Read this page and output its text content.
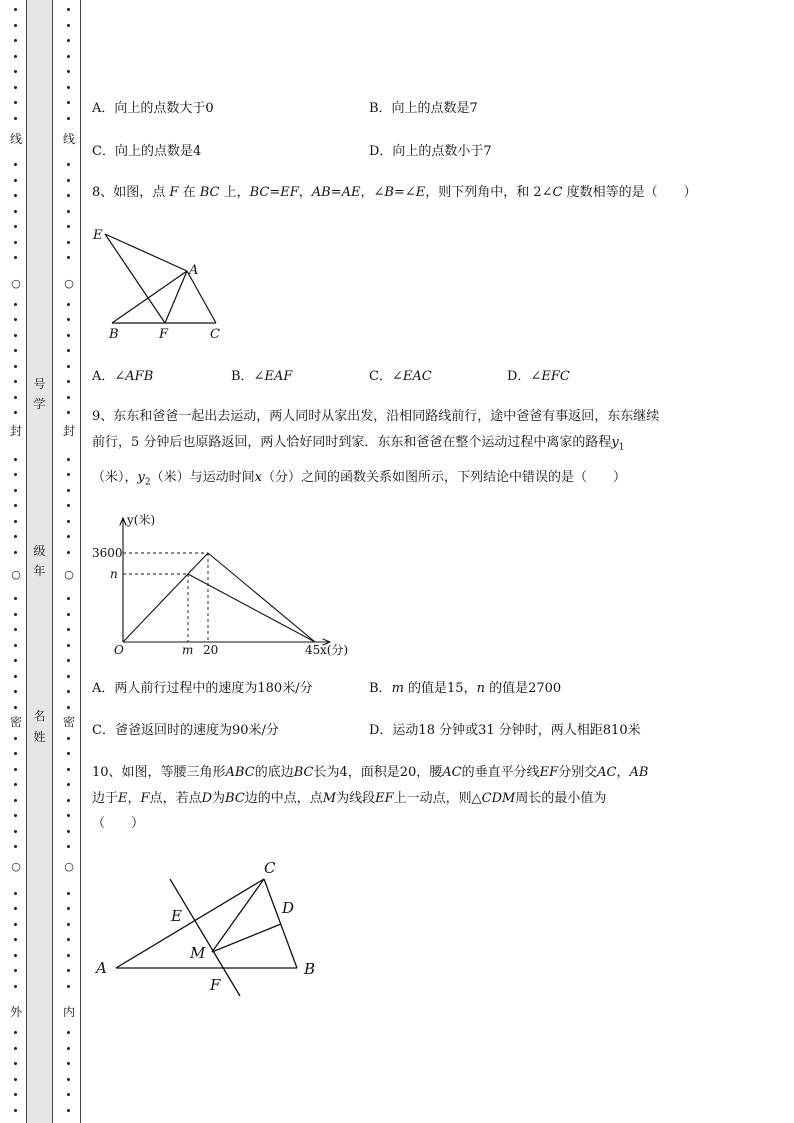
线
○
封
○
密
○
外
线
○
封
○
密
○
内
号
学
级
年
名
姓
A．向上的点数大于0	B．向上的点数是7
C．向上的点数是4	D．向上的点数小于7
8、如图，点 F 在 BC 上，BC=EF，AB=AE，∠B=∠E，则下列角中，和 2∠C 度数相等的是（　　）
E
A
B	F	C
A．∠AFB	B．∠EAF	C．∠EAC	D．∠EFC
9、东东和爸爸一起出去运动，两人同时从家出发，沿相同路线前行，途中爸爸有事返回，东东继续
前行，5 分钟后也原路返回，两人恰好同时到家．东东和爸爸在整个运动过程中离家的路程$y_1$
（米），$y_2$（米）与运动时间x（分）之间的函数关系如图所示，下列结论中错误的是（　　）
y(米)
3600
n
O	m 20	45 x(分)
A．两人前行过程中的速度为180米/分	B．m 的值是15，n 的值是2700
C．爸爸返回时的速度为90米/分	D．运动18 分钟或31 分钟时，两人相距810米
10、如图，等腰三角形ABC的底边BC长为4，面积是20，腰AC的垂直平分线EF分别交AC，AB
边于E，F点，若点D为BC边的中点，点M为线段EF上一动点，则△CDM周长的最小值为
（　　）
C
E	D
M
A	B
F
